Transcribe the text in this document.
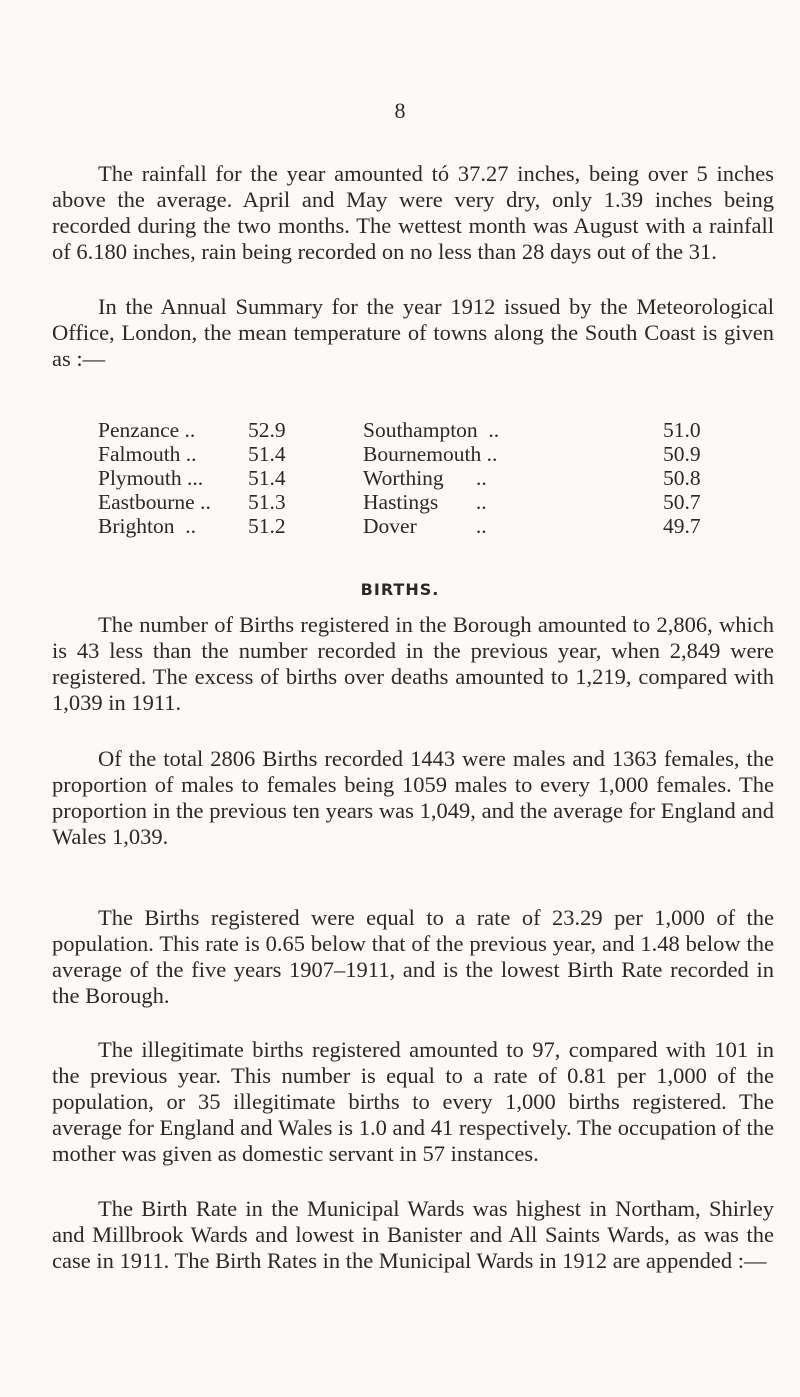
8

The rainfall for the year amounted tó 37.27 inches, being over 5 inches above the average. April and May were very dry, only 1.39 inches being recorded during the two months. The wettest month was August with a rainfall of 6.180 inches, rain being recorded on no less than 28 days out of the 31.

In the Annual Summary for the year 1912 issued by the Meteorological Office, London, the mean temperature of towns along the South Coast is given as :—

Penzance .. 52.9	Southampton  ..	51.0
Falmouth .. 51.4	Bournemouth ..	50.9
Plymouth ... 51.4	Worthing      ..	50.8
Eastbourne .. 51.3	Hastings       ..	50.7
Brighton  .. 51.2	Dover           ..	49.7
BIRTHS.

The number of Births registered in the Borough amounted to 2,806, which is 43 less than the number recorded in the previous year, when 2,849 were registered. The excess of births over deaths amounted to 1,219, compared with 1,039 in 1911.

Of the total 2806 Births recorded 1443 were males and 1363 females, the proportion of males to females being 1059 males to every 1,000 females. The proportion in the previous ten years was 1,049, and the average for England and Wales 1,039.

The Births registered were equal to a rate of 23.29 per 1,000 of the population. This rate is 0.65 below that of the previous year, and 1.48 below the average of the five years 1907–1911, and is the lowest Birth Rate recorded in the Borough.

The illegitimate births registered amounted to 97, compared with 101 in the previous year. This number is equal to a rate of 0.81 per 1,000 of the population, or 35 illegitimate births to every 1,000 births registered. The average for England and Wales is 1.0 and 41 respectively. The occupation of the mother was given as domestic servant in 57 instances.

The Birth Rate in the Municipal Wards was highest in Northam, Shirley and Millbrook Wards and lowest in Banister and All Saints Wards, as was the case in 1911. The Birth Rates in the Municipal Wards in 1912 are appended :—
